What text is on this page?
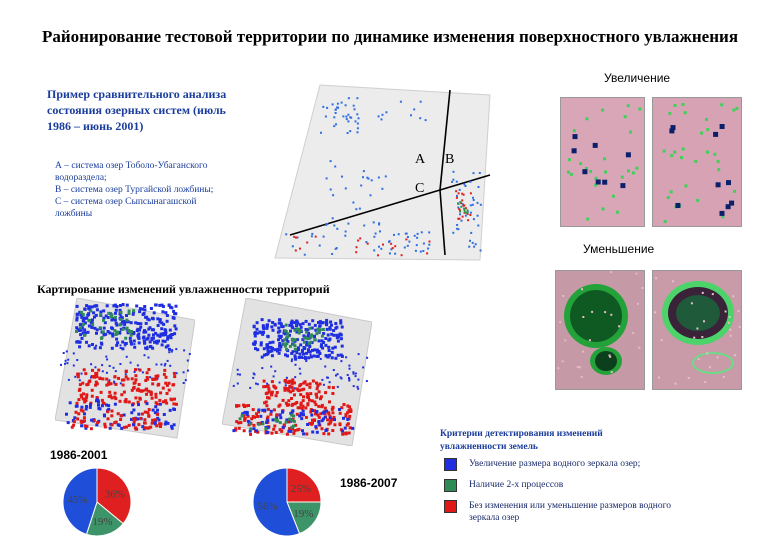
Районирование тестовой территории по динамике изменения поверхностного увлажнения
Пример сравнительного анализа состояния озерных систем (июль 1986 – июнь 2001)
А – система озер Тоболо-Убаганского водораздела;
В – система озер Тургайской ложбины;
С – система озер Сыпсынагашской ложбины
A B
C
Увеличение
Уменьшение
Картирование изменений увлажненности территорий
1986-2001
1986-2007
36%
19%
45%
25%
19%
56%
Критерии детектирования изменений увлажненности земель
Увеличение размера водного зеркала озер;
Наличие 2-х процессов
Без изменения или уменьшение размеров водного зеркала озер
